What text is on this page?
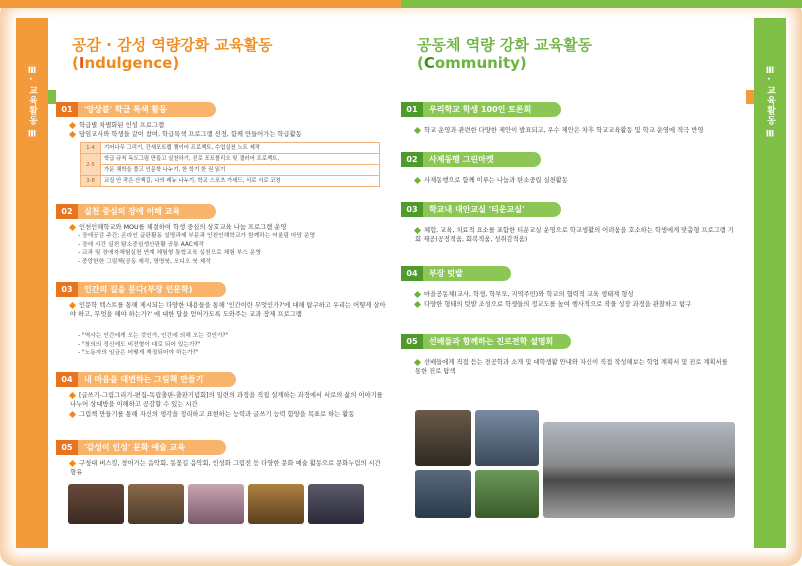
Ⅲ. 교육활동 Ⅲ	Ⅲ. 교육활동 Ⅲ
공감 · 감성 역량강화 교육활동
(Indulgence)
01	'앙상블' 학급 특색 활동
학급별 차별화된 인성 프로그램
담임교사와 학생들 같이 참여, 학급특색 프로그램 선정, 함께 만들어가는 학급활동
1-4	기어나무 그리기, 간새포트랩 젬이어 프로젝트, 수업실천 노트 제작
2-5	학급 규칙 독도그림 만들고 실천하기, 진로 포트폴리오 및 갤러어 프로젝트,
	가문 채학을 풀고 인문학 나누기, 한 학기 한 권 읽기
3-8	교실 안 작은 산책길, 나의 레뉴 나누기, 학교 스포츠 가세드, 서로 서로 코칭
02	실천 중심의 장애 이해 교육
인천인해학교와 MOU를 체결하여 학생 중심의 상호교육 나눔 프로그램 운영
- 장애공감 주간: 온라인 글판활동 설명과제 부문과 인천인해학교가 함께하는 어울림 마당 운영
- 장애 시간 실천 탐소중심생산판활 공통 AAC제작
- 교과 및 장애자체험실천 연계 체험형 통합교육 실천으로 체험 부스 운영
- 중앙한한 그림책(공동 제작, 명명북, 오디오 북 제작
03	인간의 길을 묻다(부장 인문학)
인문학 텍스트를 통해 제시되는 다양한 내용들을 통해 '인간이란 무엇인가?'에 대해 탐구하고 우리는 어떻게 살아야 하고, 무엇을 해야 하는가?' 에 대한 답을 얻어가도록 도와주는 교과 장제 프로그램
- "역사는 인간에게 오는 것인가, 인간에 의해 오는 것인가?"
- "창의의 정신에도 비전형이 대로 되어 있는가?"
- "노동자의 임금은 어떻게 책정되어야 하는가?"
04	내 마음을 대변하는 그림책 만들기
[글쓰기-그림그리기-편집-독립출판-출판기념회]의 일련의 과정을 직접 설계하는 과정에서 서로의 삶의 이야기를 나누어 상대방을 이해하고 공감할 수 있는 시간
그림책 만들기를 통해 자신의 생각을 정리하고 표현하는 능력과 글쓰기 능력 함양을 목표로 하는 활동
05	'감성이 인성' 문화 예술 교육
구청대 버스킹, 창어가는 음악회, 동꽃길 음악회, 인성화 그림전 등 다양한 문화 예술 활동으로 문화누림의 시간 형유
공동체 역량 강화 교육활동
(Community)
01	우리학교 학생 100인 토론회
학교 운영과 관련한 다양한 제안이 발표되고, 우수 제안은 차후 학교교육활동 및 학교 운영에 적극 반영
02	사제동행 그린마켓
사제동행으로 함께 이루는 나눔과 탄소중립 실천활동
03	학교내 대안교실 '티운교실'
체험, 교육, 치료적 요소를 포함한 티운교실 운영으로 학교생활의 어려움을 호소하는 학생에게 맞춤형 프로그램 기회 제공(공정적움, 회복적움, 성취감적움)
04	부장 텃밭
마을공동체(교사, 학생, 학부모, 지역주민)와 학교의 협력적 교육 생태계 형성
다양한 형태의 텃밭 조성으로 학생들의 정교도를 높여 행사적으로 작물 성장 과정을 관찰하고 탐구
05	선배들과 함께하는 진로전학 설명회
선배들에게 직접 듣는 전공학과 소개 및 대학생활 안내와 자신이 직접 작성해보는 학업 계획서 및 진로 계획서를 통한 진로 탐색
